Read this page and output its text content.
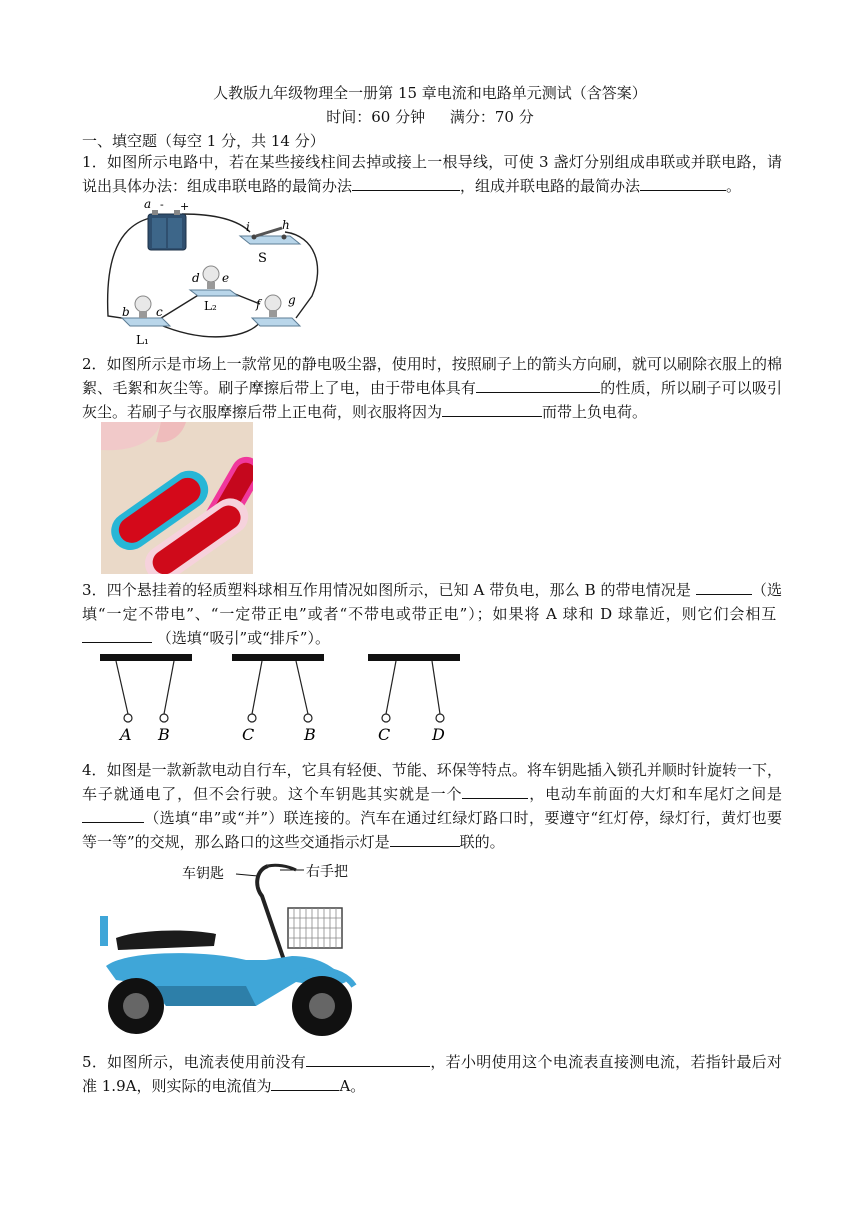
人教版九年级物理全一册第 15 章电流和电路单元测试（含答案）
时间：60 分钟 满分：70 分
一、填空题（每空 1 分，共 14 分）
1．如图所示电路中，若在某些接线柱间去掉或接上一根导线，可使 3 盏灯分别组成串联或并联电路，请说出具体办法：组成串联电路的最简办法	，组成并联电路的最简办法	。
a - +
i	h
S
d e
L₂
b c
L₁
f g
2．如图所示是市场上一款常见的静电吸尘器，使用时，按照刷子上的箭头方向刷，就可以刷除衣服上的棉絮、毛絮和灰尘等。刷子摩擦后带上了电，由于带电体具有	的性质，所以刷子可以吸引灰尘。若刷子与衣服摩擦后带上正电荷，则衣服将因为	而带上负电荷。
3．四个悬挂着的轻质塑料球相互作用情况如图所示，已知 A 带负电，那么 B 的带电情况是	（选填“一定不带电”、“一定带正电”或者“不带电或带正电”）；如果将 A 球和 D 球靠近，则它们会相互  （选填“吸引”或“排斥”）。
A B	C	B	C	D
4．如图是一款新款电动自行车，它具有轻便、节能、环保等特点。将车钥匙插入锁孔并顺时针旋转一下，车子就通电了，但不会行驶。这个车钥匙其实就是一个	，电动车前面的大灯和车尾灯之间是（选填“串”或“并”）联连接的。汽车在通过红绿灯路口时，要遵守“红灯停，绿灯行，黄灯也要等一等”的交规，那么路口的这些交通指示灯是	联的。
车钥匙	右手把
5．如图所示，电流表使用前没有	，若小明使用这个电流表直接测电流，若指针最后对准 1.9A，则实际的电流值为	A。
